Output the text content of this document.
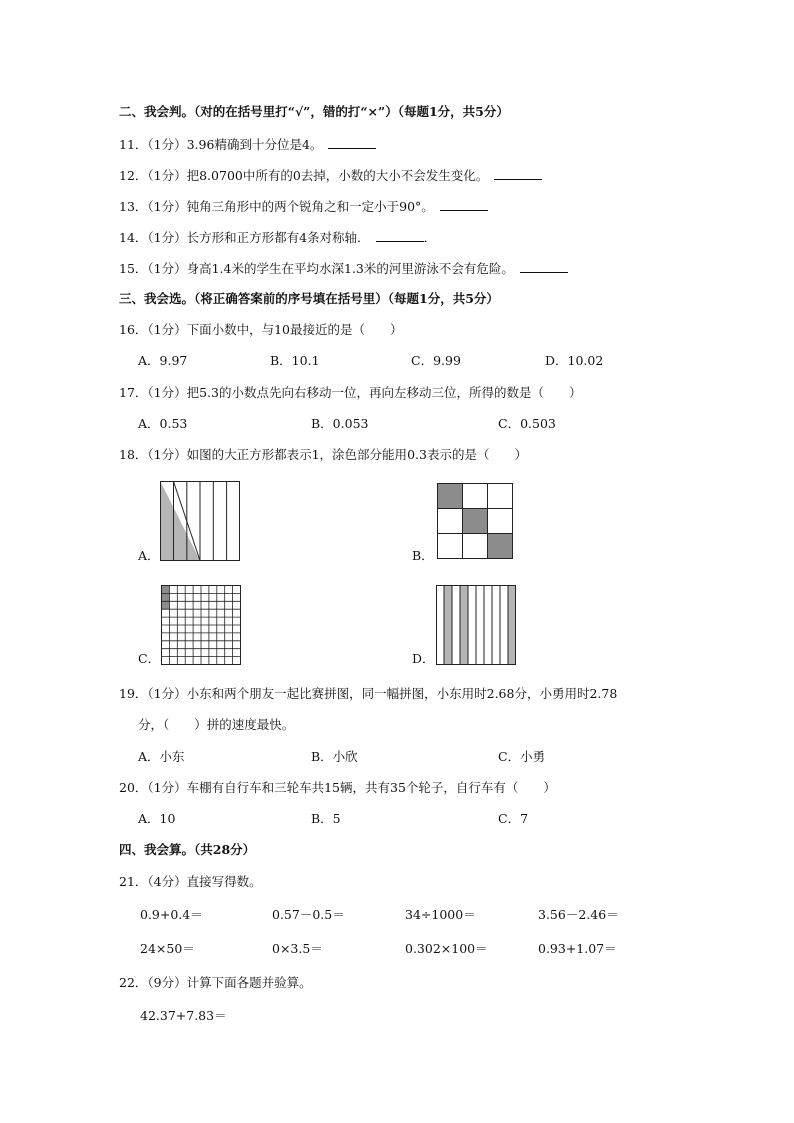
二、我会判。（对的在括号里打“√”，错的打“×”）（每题1分，共5分）
11．（1分）3.96精确到十分位是4。
12．（1分）把8.0700中所有的0去掉，小数的大小不会发生变化。
13．（1分）钝角三角形中的两个锐角之和一定小于90°。
14．（1分）长方形和正方形都有4条对称轴．	．
15．（1分）身高1.4米的学生在平均水深1.3米的河里游泳不会有危险。
三、我会选。（将正确答案前的序号填在括号里）（每题1分，共5分）
16．（1分）下面小数中，与10最接近的是（　　）
A．9.97	B．10.1	C．9.99	D．10.02
17．（1分）把5.3的小数点先向右移动一位，再向左移动三位，所得的数是（　　）
A．0.53	B．0.053	C．0.503
18．（1分）如图的大正方形都表示1，涂色部分能用0.3表示的是（　　）
A．	B．
C．	D．
19．（1分）小东和两个朋友一起比赛拼图，同一幅拼图，小东用时2.68分，小勇用时2.78
分，（　　）拼的速度最快。
A．小东	B．小欣	C．小勇
20．（1分）车棚有自行车和三轮车共15辆，共有35个轮子，自行车有（　　）
A．10	B．5	C．7
四、我会算。（共28分）
21．（4分）直接写得数。
0.9+0.4＝	0.57－0.5＝	34÷1000＝	3.56－2.46＝
24×50＝	0×3.5＝	0.302×100＝	0.93+1.07＝
22．（9分）计算下面各题并验算。
42.37+7.83＝
